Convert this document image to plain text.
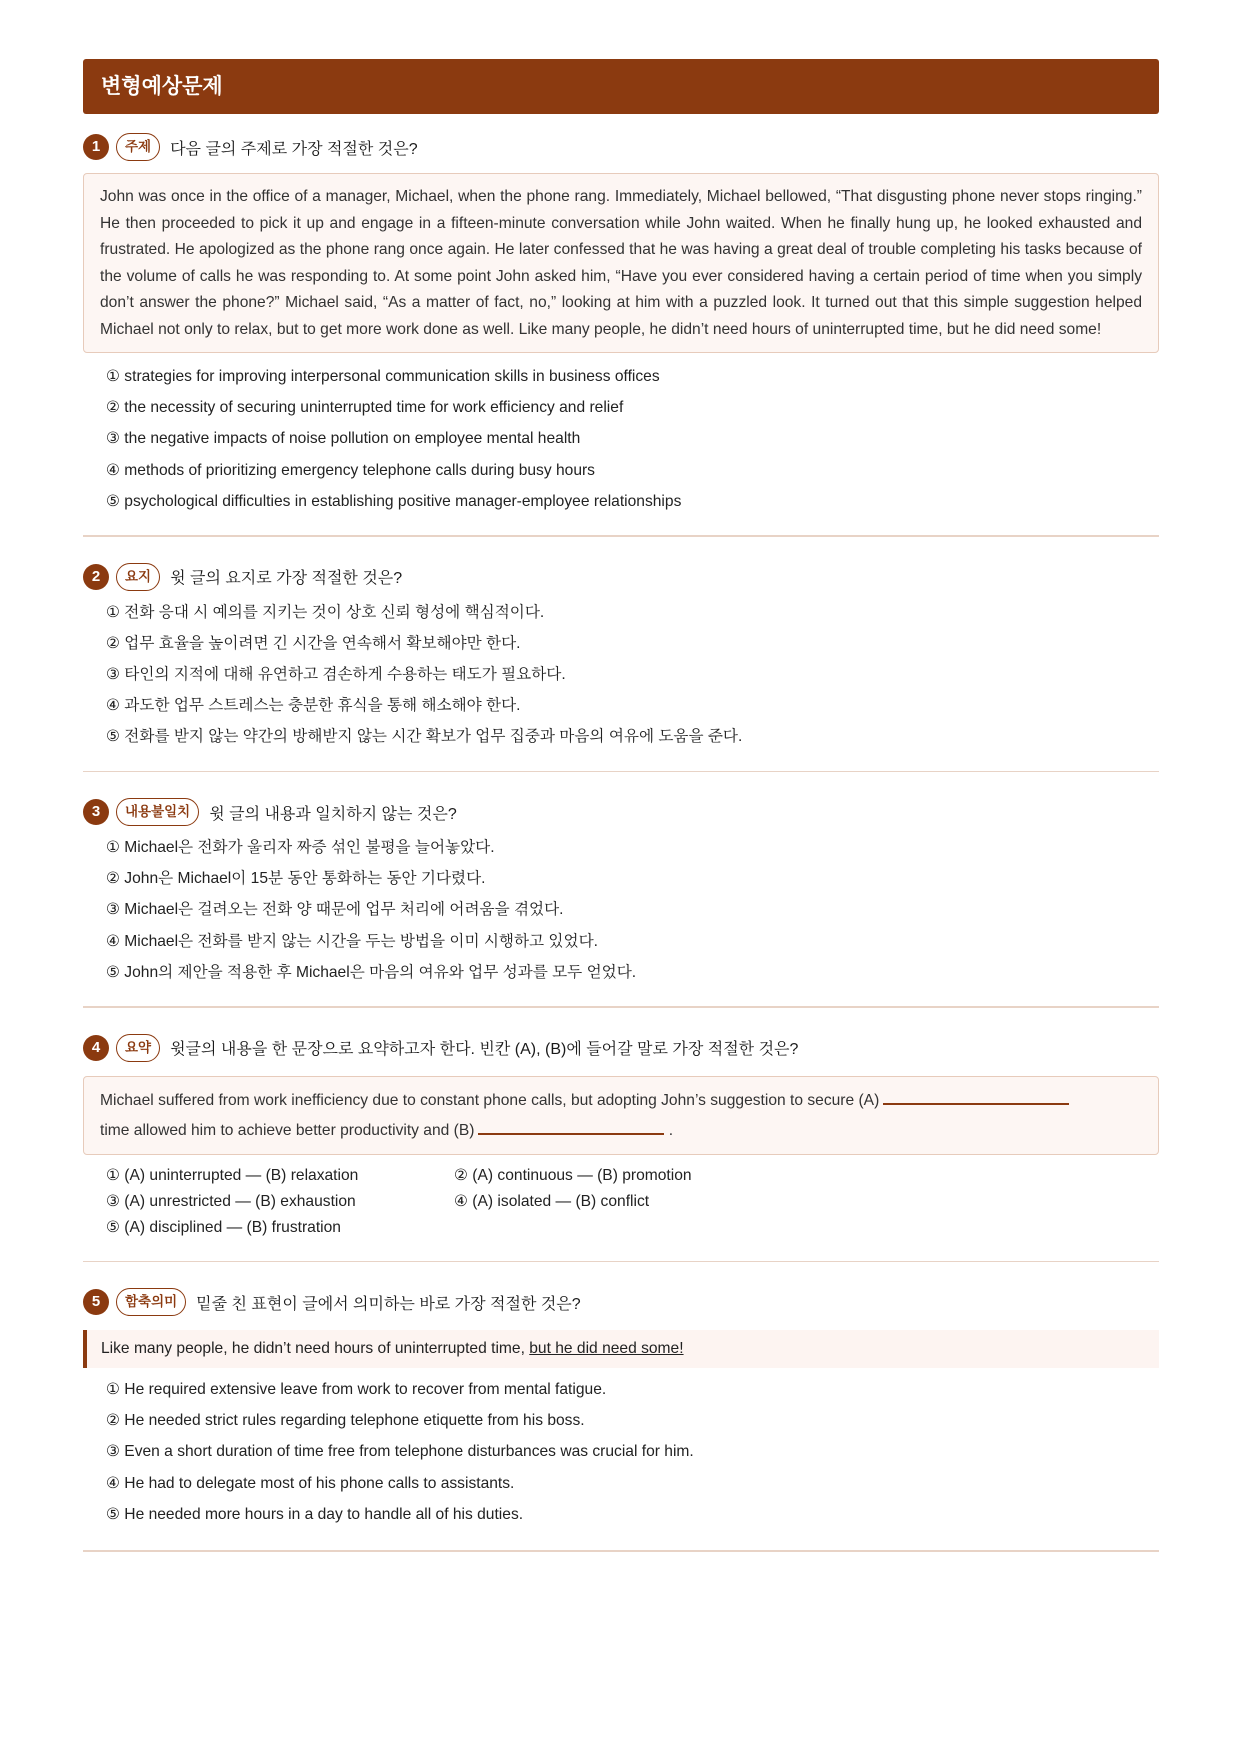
변형예상문제
1	주제	다음 글의 주제로 가장 적절한 것은?
John was once in the office of a manager, Michael, when the phone rang. Immediately, Michael bellowed, “That disgusting phone never stops ringing.” He then proceeded to pick it up and engage in a fifteen-minute conversation while John waited. When he finally hung up, he looked exhausted and frustrated. He apologized as the phone rang once again. He later confessed that he was having a great deal of trouble completing his tasks because of the volume of calls he was responding to. At some point John asked him, “Have you ever considered having a certain period of time when you simply don’t answer the phone?” Michael said, “As a matter of fact, no,” looking at him with a puzzled look. It turned out that this simple suggestion helped Michael not only to relax, but to get more work done as well. Like many people, he didn’t need hours of uninterrupted time, but he did need some!
① strategies for improving interpersonal communication skills in business offices
② the necessity of securing uninterrupted time for work efficiency and relief
③ the negative impacts of noise pollution on employee mental health
④ methods of prioritizing emergency telephone calls during busy hours
⑤ psychological difficulties in establishing positive manager-employee relationships
2	요지	윗 글의 요지로 가장 적절한 것은?
① 전화 응대 시 예의를 지키는 것이 상호 신뢰 형성에 핵심적이다.
② 업무 효율을 높이려면 긴 시간을 연속해서 확보해야만 한다.
③ 타인의 지적에 대해 유연하고 겸손하게 수용하는 태도가 필요하다.
④ 과도한 업무 스트레스는 충분한 휴식을 통해 해소해야 한다.
⑤ 전화를 받지 않는 약간의 방해받지 않는 시간 확보가 업무 집중과 마음의 여유에 도움을 준다.
3	내용불일치	윗 글의 내용과 일치하지 않는 것은?
① Michael은 전화가 울리자 짜증 섞인 불평을 늘어놓았다.
② John은 Michael이 15분 동안 통화하는 동안 기다렸다.
③ Michael은 걸려오는 전화 양 때문에 업무 처리에 어려움을 겪었다.
④ Michael은 전화를 받지 않는 시간을 두는 방법을 이미 시행하고 있었다.
⑤ John의 제안을 적용한 후 Michael은 마음의 여유와 업무 성과를 모두 얻었다.
4	요약	윗글의 내용을 한 문장으로 요약하고자 한다. 빈칸 (A), (B)에 들어갈 말로 가장 적절한 것은?
Michael suffered from work inefficiency due to constant phone calls, but adopting John’s suggestion to secure (A)
time allowed him to achieve better productivity and (B)	.
① (A) uninterrupted — (B) relaxation	② (A) continuous — (B) promotion
③ (A) unrestricted — (B) exhaustion	④ (A) isolated — (B) conflict
⑤ (A) disciplined — (B) frustration
5	함축의미	밑줄 친 표현이 글에서 의미하는 바로 가장 적절한 것은?
Like many people, he didn’t need hours of uninterrupted time, but he did need some!
① He required extensive leave from work to recover from mental fatigue.
② He needed strict rules regarding telephone etiquette from his boss.
③ Even a short duration of time free from telephone disturbances was crucial for him.
④ He had to delegate most of his phone calls to assistants.
⑤ He needed more hours in a day to handle all of his duties.
